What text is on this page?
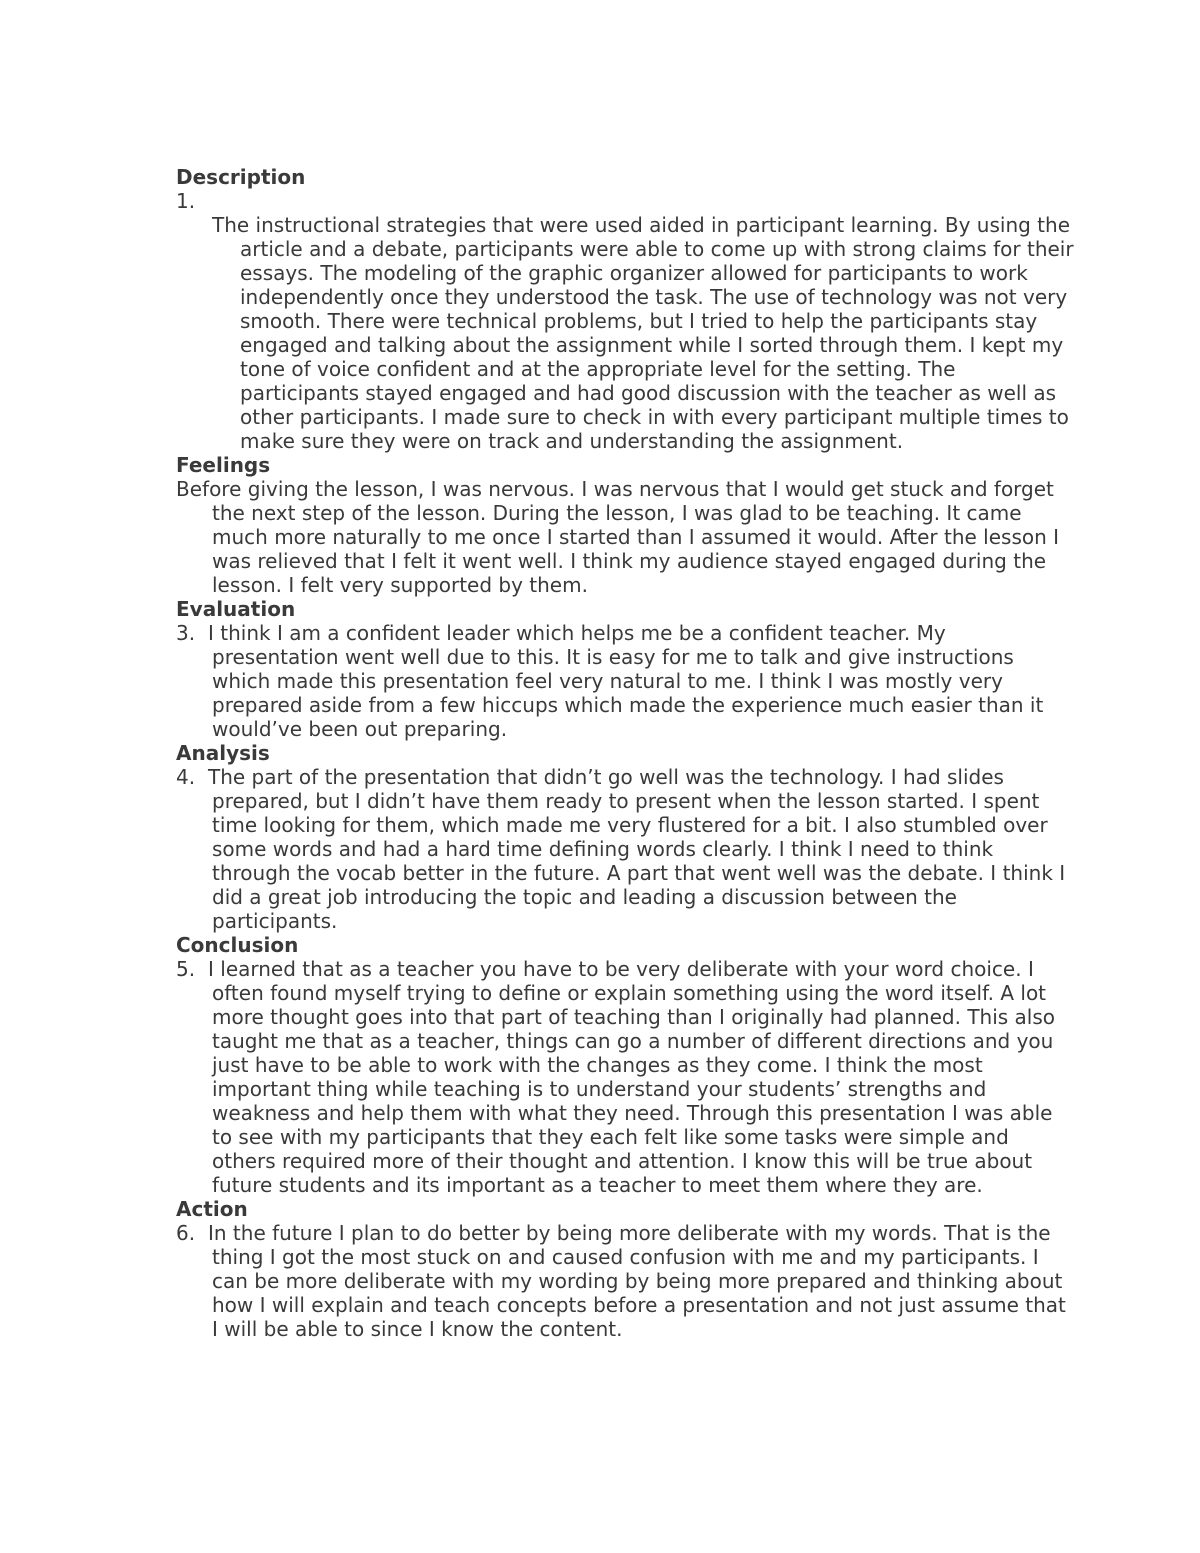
Description

1.

The instructional strategies that were used aided in participant learning. By using the article and a debate, participants were able to come up with strong claims for their essays. The modeling of the graphic organizer allowed for participants to work independently once they understood the task. The use of technology was not very smooth. There were technical problems, but I tried to help the participants stay engaged and talking about the assignment while I sorted through them. I kept my tone of voice confident and at the appropriate level for the setting. The participants stayed engaged and had good discussion with the teacher as well as other participants. I made sure to check in with every participant multiple times to make sure they were on track and understanding the assignment.

Feelings

Before giving the lesson, I was nervous. I was nervous that I would get stuck and forget the next step of the lesson. During the lesson, I was glad to be teaching. It came much more naturally to me once I started than I assumed it would. After the lesson I was relieved that I felt it went well. I think my audience stayed engaged during the lesson. I felt very supported by them.

Evaluation

3. I think I am a confident leader which helps me be a confident teacher. My presentation went well due to this. It is easy for me to talk and give instructions which made this presentation feel very natural to me. I think I was mostly very prepared aside from a few hiccups which made the experience much easier than it would’ve been out preparing.

Analysis

4. The part of the presentation that didn’t go well was the technology. I had slides prepared, but I didn’t have them ready to present when the lesson started. I spent time looking for them, which made me very flustered for a bit. I also stumbled over some words and had a hard time defining words clearly. I think I need to think through the vocab better in the future. A part that went well was the debate. I think I did a great job introducing the topic and leading a discussion between the participants.

Conclusion

5. I learned that as a teacher you have to be very deliberate with your word choice. I often found myself trying to define or explain something using the word itself. A lot more thought goes into that part of teaching than I originally had planned. This also taught me that as a teacher, things can go a number of different directions and you just have to be able to work with the changes as they come. I think the most important thing while teaching is to understand your students’ strengths and weakness and help them with what they need. Through this presentation I was able to see with my participants that they each felt like some tasks were simple and others required more of their thought and attention. I know this will be true about future students and its important as a teacher to meet them where they are.

Action

6. In the future I plan to do better by being more deliberate with my words. That is the thing I got the most stuck on and caused confusion with me and my participants. I can be more deliberate with my wording by being more prepared and thinking about how I will explain and teach concepts before a presentation and not just assume that I will be able to since I know the content.
